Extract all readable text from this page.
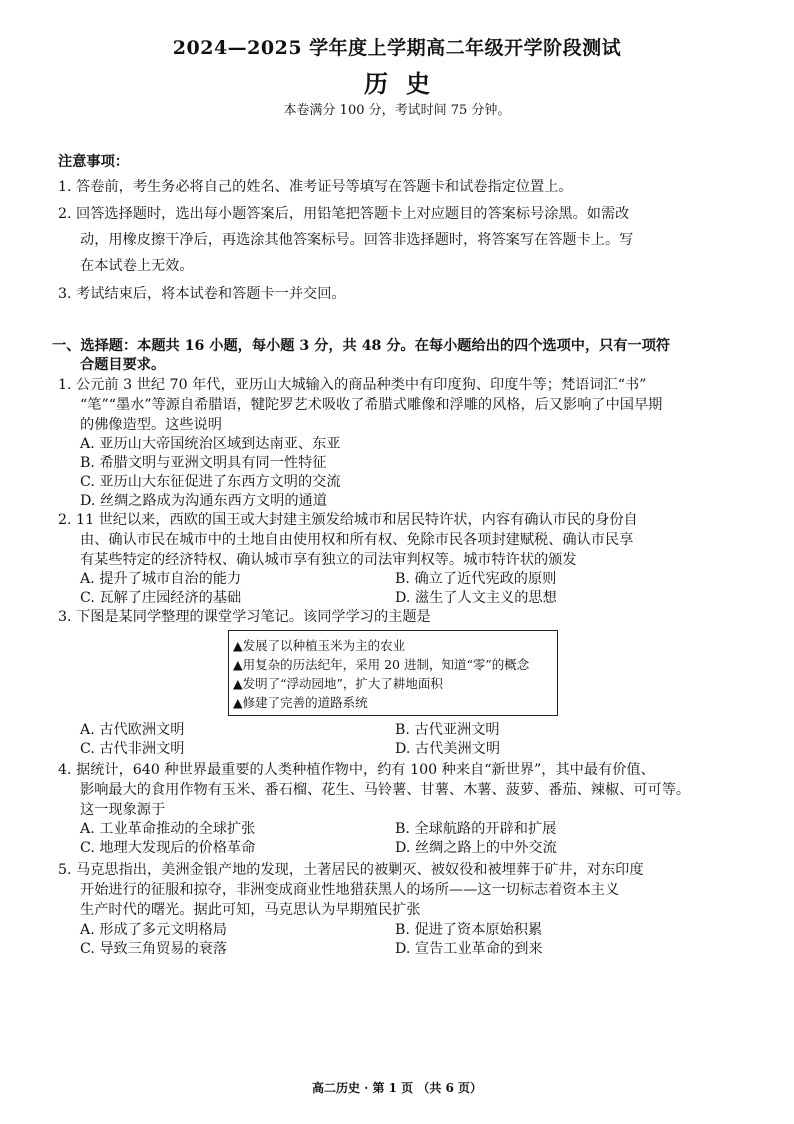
2024—2025 学年度上学期高二年级开学阶段测试
历史
本卷满分 100 分，考试时间 75 分钟。
注意事项：
1. 答卷前，考生务必将自己的姓名、准考证号等填写在答题卡和试卷指定位置上。
2. 回答选择题时，选出每小题答案后，用铅笔把答题卡上对应题目的答案标号涂黑。如需改
动，用橡皮擦干净后，再选涂其他答案标号。回答非选择题时，将答案写在答题卡上。写
在本试卷上无效。
3. 考试结束后，将本试卷和答题卡一并交回。
一、选择题：本题共 16 小题，每小题 3 分，共 48 分。在每小题给出的四个选项中，只有一项符
合题目要求。
1. 公元前 3 世纪 70 年代，亚历山大城输入的商品种类中有印度狗、印度牛等；梵语词汇“书”
“笔”“墨水”等源自希腊语，犍陀罗艺术吸收了希腊式雕像和浮雕的风格，后又影响了中国早期
的佛像造型。这些说明
A. 亚历山大帝国统治区域到达南亚、东亚
B. 希腊文明与亚洲文明具有同一性特征
C. 亚历山大东征促进了东西方文明的交流
D. 丝绸之路成为沟通东西方文明的通道
2. 11 世纪以来，西欧的国王或大封建主颁发给城市和居民特许状，内容有确认市民的身份自
由、确认市民在城市中的土地自由使用权和所有权、免除市民各项封建赋税、确认市民享
有某些特定的经济特权、确认城市享有独立的司法审判权等。城市特许状的颁发
A. 提升了城市自治的能力	B. 确立了近代宪政的原则
C. 瓦解了庄园经济的基础	D. 滋生了人文主义的思想
3. 下图是某同学整理的课堂学习笔记。该同学学习的主题是
▲发展了以种植玉米为主的农业
▲用复杂的历法纪年，采用 20 进制，知道“零”的概念
▲发明了“浮动园地”，扩大了耕地面积
▲修建了完善的道路系统
A. 古代欧洲文明	B. 古代亚洲文明
C. 古代非洲文明	D. 古代美洲文明
4. 据统计，640 种世界最重要的人类种植作物中，约有 100 种来自“新世界”，其中最有价值、
影响最大的食用作物有玉米、番石榴、花生、马铃薯、甘薯、木薯、菠萝、番茄、辣椒、可可等。
这一现象源于
A. 工业革命推动的全球扩张	B. 全球航路的开辟和扩展
C. 地理大发现后的价格革命	D. 丝绸之路上的中外交流
5. 马克思指出，美洲金银产地的发现，土著居民的被剿灭、被奴役和被埋葬于矿井，对东印度
开始进行的征服和掠夺，非洲变成商业性地猎获黑人的场所——这一切标志着资本主义
生产时代的曙光。据此可知，马克思认为早期殖民扩张
A. 形成了多元文明格局	B. 促进了资本原始积累
C. 导致三角贸易的衰落	D. 宣告工业革命的到来
高二历史 · 第 1 页 （共 6 页）
